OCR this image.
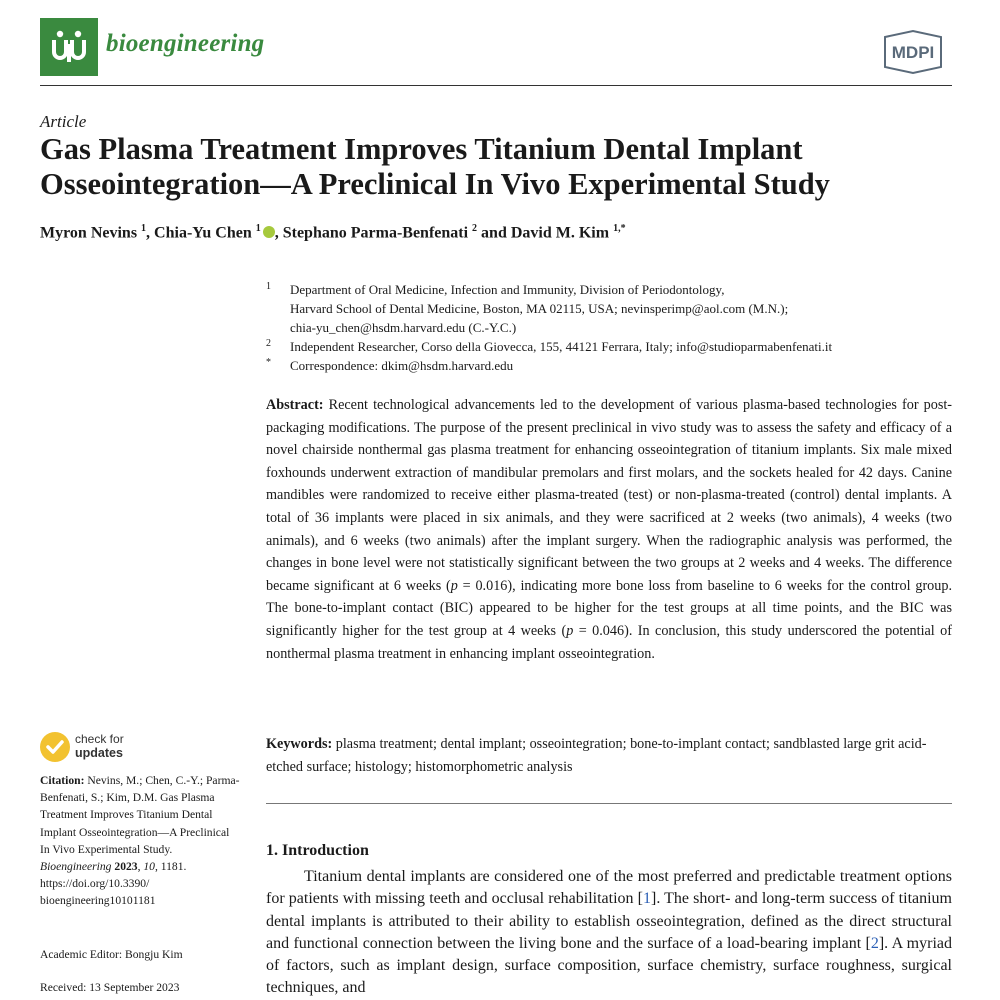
bioengineering	MDPI
Article
Gas Plasma Treatment Improves Titanium Dental Implant Osseointegration—A Preclinical In Vivo Experimental Study
Myron Nevins $^1$, Chia-Yu Chen $^1$ , Stephano Parma-Benfenati $^2$ and David M. Kim $^{1,*}$
1	Department of Oral Medicine, Infection and Immunity, Division of Periodontology,
Harvard School of Dental Medicine, Boston, MA 02115, USA; nevinsperimp@aol.com (M.N.);
chia-yu_chen@hsdm.harvard.edu (C.-Y.C.)
2	Independent Researcher, Corso della Giovecca, 155, 44121 Ferrara, Italy; info@studioparmabenfenati.it
*	Correspondence: dkim@hsdm.harvard.edu
Abstract: Recent technological advancements led to the development of various plasma-based technologies for post-packaging modifications. The purpose of the present preclinical in vivo study was to assess the safety and efficacy of a novel chairside nonthermal gas plasma treatment for enhancing osseointegration of titanium implants. Six male mixed foxhounds underwent extraction of mandibular premolars and first molars, and the sockets healed for 42 days. Canine mandibles were randomized to receive either plasma-treated (test) or non-plasma-treated (control) dental implants. A total of 36 implants were placed in six animals, and they were sacrificed at 2 weeks (two animals), 4 weeks (two animals), and 6 weeks (two animals) after the implant surgery. When the radiographic analysis was performed, the changes in bone level were not statistically significant between the two groups at 2 weeks and 4 weeks. The difference became significant at 6 weeks (p = 0.016), indicating more bone loss from baseline to 6 weeks for the control group. The bone-to-implant contact (BIC) appeared to be higher for the test groups at all time points, and the BIC was significantly higher for the test group at 4 weeks (p = 0.046). In conclusion, this study underscored the potential of nonthermal plasma treatment in enhancing implant osseointegration.
Keywords: plasma treatment; dental implant; osseointegration; bone-to-implant contact; sandblasted large grit acid-etched surface; histology; histomorphometric analysis
1. Introduction
Titanium dental implants are considered one of the most preferred and predictable treatment options for patients with missing teeth and occlusal rehabilitation [1]. The short- and long-term success of titanium dental implants is attributed to their ability to establish osseointegration, defined as the direct structural and functional connection between the living bone and the surface of a load-bearing implant [2]. A myriad of factors, such as implant design, surface composition, surface chemistry, surface roughness, surgical techniques, and
check for
updates
Citation: Nevins, M.; Chen, C.-Y.; Parma-Benfenati, S.; Kim, D.M. Gas Plasma Treatment Improves Titanium Dental Implant Osseointegration—A Preclinical In Vivo Experimental Study. Bioengineering 2023, 10, 1181. https://doi.org/10.3390/ bioengineering10101181
Academic Editor: Bongju Kim
Received: 13 September 2023
